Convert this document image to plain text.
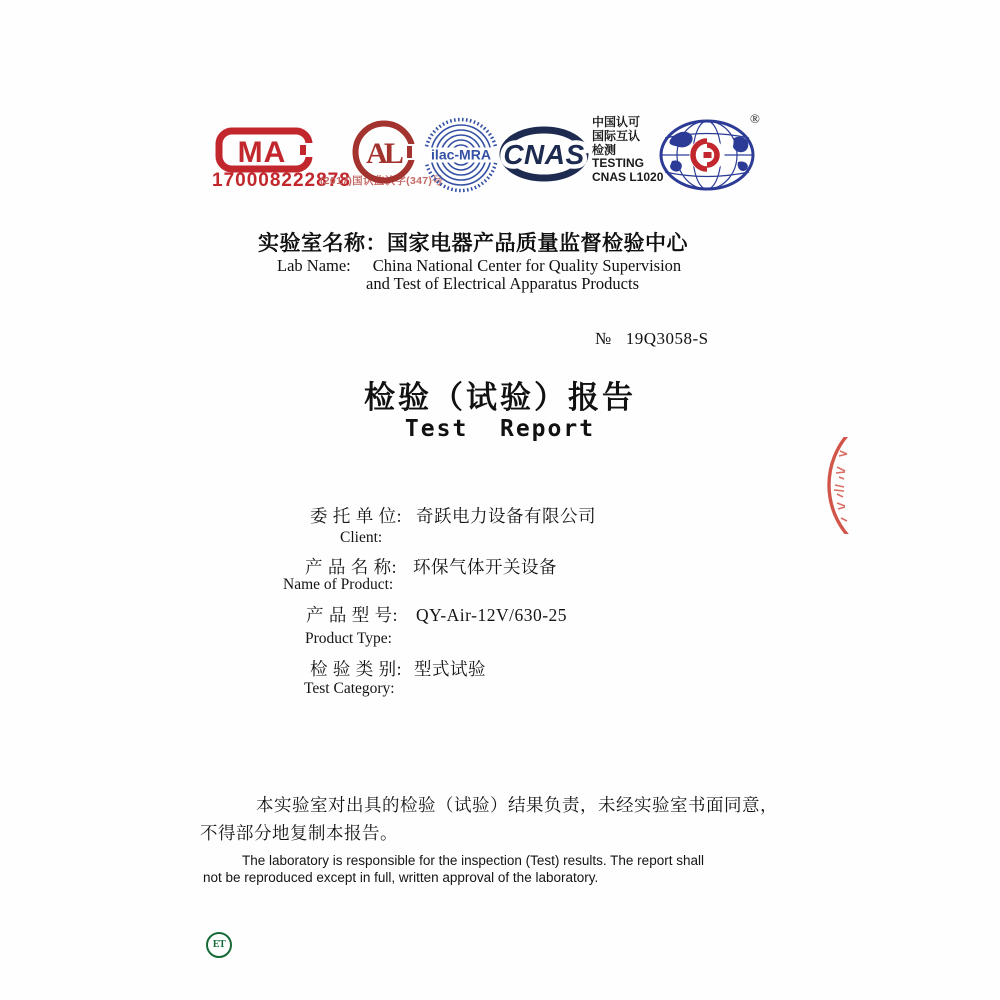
MA
170008222878
(2017)国认监认字(347)号
AL ilac-MRA CNAS
中国认可
国际互认
检测
TESTING
CNAS L1020
®
实验室名称：国家电器产品质量监督检验中心
Lab Name: China National Center for Quality Supervision
and Test of Electrical Apparatus Products
№ 19Q3058-S
检验（试验）报告
Test  Report
委 托 单 位: 奇跃电力设备有限公司
Client:
产 品 名 称: 环保气体开关设备
Name of Product:
产 品 型 号: QY-Air-12V/630-25
Product Type:
检 验 类 别: 型式试验
Test Category:
本实验室对出具的检验（试验）结果负责，未经实验室书面同意，
不得部分地复制本报告。
The laboratory is responsible for the inspection (Test) results. The report shall
not be reproduced except in full, written approval of the laboratory.
ET
